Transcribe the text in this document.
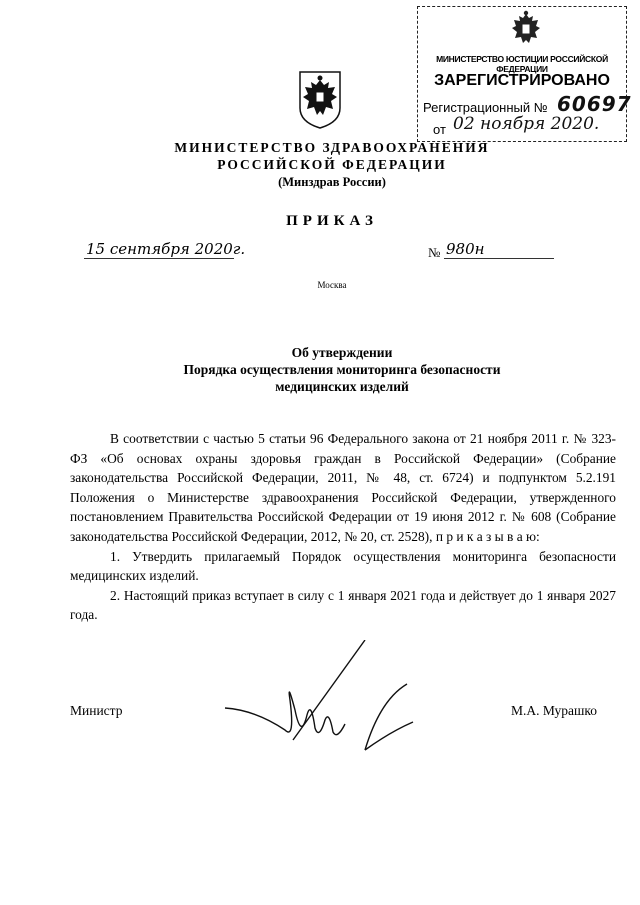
МИНИСТЕРСТВО ЮСТИЦИИ РОССИЙСКОЙ ФЕДЕРАЦИИ
ЗАРЕГИСТРИРОВАНО
Регистрационный № 60697
от 02 ноября 2020.
МИНИСТЕРСТВО ЗДРАВООХРАНЕНИЯ
РОССИЙСКОЙ ФЕДЕРАЦИИ
(Минздрав России)
ПРИКАЗ
15 сентября 2020г.	№ 980н
Москва
Об утверждении
Порядка осуществления мониторинга безопасности
медицинских изделий

В соответствии с частью 5 статьи 96 Федерального закона от 21 ноября 2011 г. № 323-ФЗ «Об основах охраны здоровья граждан в Российской Федерации» (Собрание законодательства Российской Федерации, 2011, № 48, ст. 6724) и подпунктом 5.2.191 Положения о Министерстве здравоохранения Российской Федерации, утвержденного постановлением Правительства Российской Федерации от 19 июня 2012 г. № 608 (Собрание законодательства Российской Федерации, 2012, № 20, ст. 2528), п р и к а з ы в а ю:

1. Утвердить прилагаемый Порядок осуществления мониторинга безопасности медицинских изделий.

2. Настоящий приказ вступает в силу с 1 января 2021 года и действует до 1 января 2027 года.

Министр	М.А. Мурашко
